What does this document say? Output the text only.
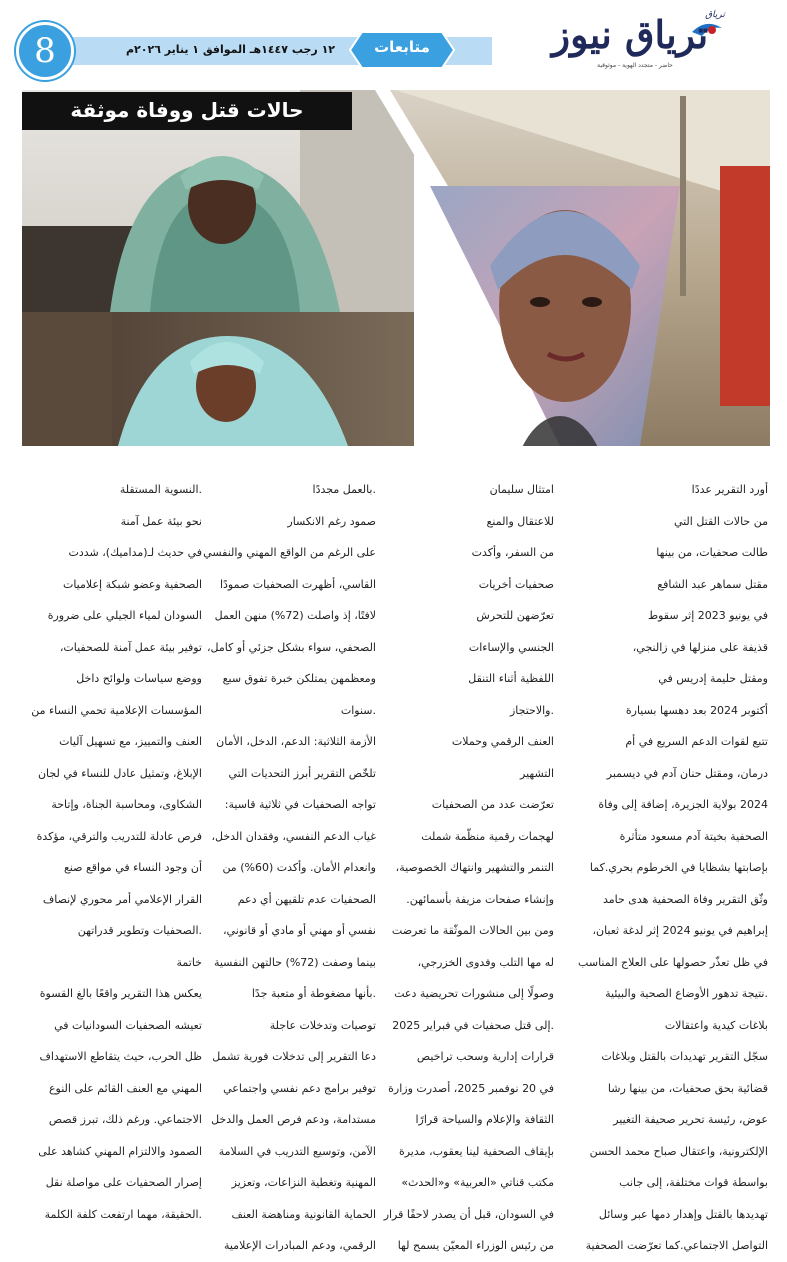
١٢ رجب ١٤٤٧هـ الموافق ١ يناير ٢٠٢٦م	متابعات
8	ترياق نيوز
ترياق
حاضر - متجدد الهوية - موثوقية
حالات قتل ووفاة موثقة
أورد التقرير عددًا
من حالات القتل التي
طالت صحفيات، من بينها
مقتل سماهر عبد الشافع
في يونيو 2023 إثر سقوط
قذيفة على منزلها في زالنجي،
ومقتل حليمة إدريس في
أكتوبر 2024 بعد دهسها بسيارة
تتبع لقوات الدعم السريع في أم
درمان، ومقتل حنان آدم في ديسمبر
2024 بولاية الجزيرة، إضافة إلى وفاة
الصحفية بخيتة آدم مسعود متأثرة
بإصابتها بشظايا في الخرطوم بحري.كما
وثّق التقرير وفاة الصحفية هدى حامد
إبراهيم في يونيو 2024 إثر لدغة ثعبان،
في ظل تعذّر حصولها على العلاج المناسب
.نتيجة تدهور الأوضاع الصحية والبيئية
بلاغات كيدية واعتقالات
سجّل التقرير تهديدات بالقتل وبلاغات
قضائية بحق صحفيات، من بينها رشا
عوض، رئيسة تحرير صحيفة التغيير
الإلكترونية، واعتقال صباح محمد الحسن
بواسطة قوات مختلفة، إلى جانب
تهديدها بالقتل وإهدار دمها عبر وسائل
التواصل الاجتماعي.كما تعرّضت الصحفية
امتثال سليمان
للاعتقال والمنع
من السفر، وأكدت
صحفيات أخريات
تعرّضهن للتحرش
الجنسي والإساءات
اللفظية أثناء التنقل
.والاحتجاز
العنف الرقمي وحملات
التشهير
تعرّضت عدد من الصحفيات
لهجمات رقمية منظّمة شملت
التنمر والتشهير وانتهاك الخصوصية،
وإنشاء صفحات مزيفة بأسمائهن.
ومن بين الحالات الموثّقة ما تعرضت
له مها التلب وفدوى الخزرجي،
وصولًا إلى منشورات تحريضية دعت
.إلى قتل صحفيات في فبراير 2025
قرارات إدارية وسحب تراخيص
في 20 نوفمبر 2025، أصدرت وزارة
الثقافة والإعلام والسياحة قرارًا
بإيقاف الصحفية لينا يعقوب، مديرة
مكتب قناتي «العربية» و«الحدث»
في السودان، قبل أن يصدر لاحقًا قرار
من رئيس الوزراء المعيّن يسمح لها
.بالعمل مجددًا
صمود رغم الانكسار
على الرغم من الواقع المهني والنفسي
القاسي، أظهرت الصحفيات صمودًا
لافتًا، إذ واصلت (72%) منهن العمل
الصحفي، سواء بشكل جزئي أو كامل،
ومعظمهن يمتلكن خبرة تفوق سبع
.سنوات
الأزمة الثلاثية: الدعم، الدخل، الأمان
تلخّص التقرير أبرز التحديات التي
تواجه الصحفيات في ثلاثية قاسية:
غياب الدعم النفسي، وفقدان الدخل،
وانعدام الأمان. وأكدت (60%) من
الصحفيات عدم تلقيهن أي دعم
نفسي أو مهني أو مادي أو قانوني،
بينما وصفت (72%) حالتهن النفسية
.بأنها مضغوطة أو متعبة جدًا
توصيات وتدخلات عاجلة
دعا التقرير إلى تدخلات فورية تشمل
توفير برامج دعم نفسي واجتماعي
مستدامة، ودعم فرص العمل والدخل
الآمن، وتوسيع التدريب في السلامة
المهنية وتغطية النزاعات، وتعزيز
الحماية القانونية ومناهضة العنف
الرقمي، ودعم المبادرات الإعلامية
.النسوية المستقلة
نحو بيئة عمل آمنة
في حديث لـ(مداميك)، شددت
الصحفية وعضو شبكة إعلاميات
السودان لمياء الجيلي على ضرورة
توفير بيئة عمل آمنة للصحفيات،
ووضع سياسات ولوائح داخل
المؤسسات الإعلامية تحمي النساء من
العنف والتمييز، مع تسهيل آليات
الإبلاغ، وتمثيل عادل للنساء في لجان
الشكاوى، ومحاسبة الجناة، وإتاحة
فرص عادلة للتدريب والترقي، مؤكدة
أن وجود النساء في مواقع صنع
القرار الإعلامي أمر محوري لإنصاف
.الصحفيات وتطوير قدراتهن
خاتمة
يعكس هذا التقرير واقعًا بالغ القسوة
تعيشه الصحفيات السودانيات في
ظل الحرب، حيث يتقاطع الاستهداف
المهني مع العنف القائم على النوع
الاجتماعي. ورغم ذلك، تبرز قصص
الصمود والالتزام المهني كشاهد على
إصرار الصحفيات على مواصلة نقل
.الحقيقة، مهما ارتفعت كلفة الكلمة
